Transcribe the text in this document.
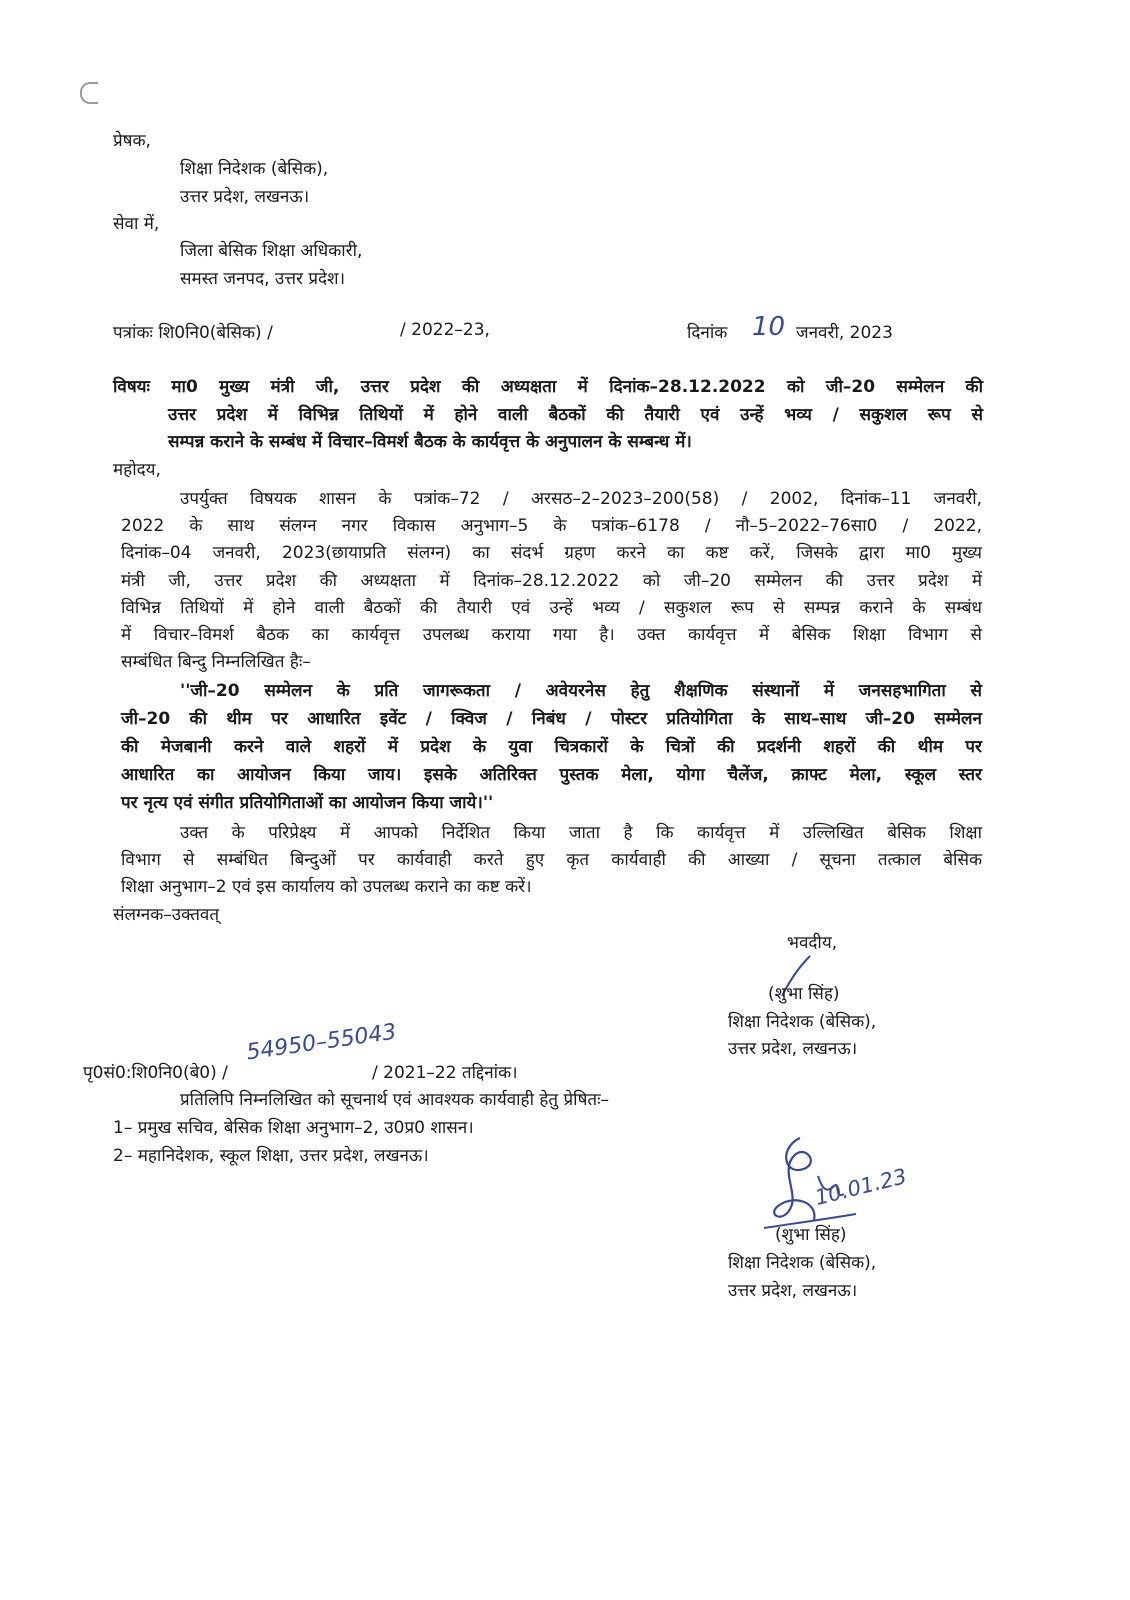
प्रेषक,
शिक्षा निदेशक (बेसिक),
उत्तर प्रदेश, लखनऊ।
सेवा में,
जिला बेसिक शिक्षा अधिकारी,
समस्त जनपद, उत्तर प्रदेश।
पत्रांकः शि0नि0(बेसिक) /	/ 2022–23,	दिनांक 10 जनवरी, 2023
विषयः मा0 मुख्य मंत्री जी, उत्तर प्रदेश की अध्यक्षता में दिनांक–28.12.2022 को जी–20 सम्मेलन की
उत्तर प्रदेश में विभिन्न तिथियों में होने वाली बैठकों की तैयारी एवं उन्हें भव्य / सकुशल रूप से
सम्पन्न कराने के सम्बंध में विचार–विमर्श बैठक के कार्यवृत्त के अनुपालन के सम्बन्ध में।
महोदय,
उपर्युक्त विषयक शासन के पत्रांक–72 / अरसठ–2–2023–200(58) / 2002, दिनांक–11 जनवरी,
2022 के साथ संलग्न नगर विकास अनुभाग–5 के पत्रांक–6178 / नौ–5–2022–76सा0 / 2022,
दिनांक–04 जनवरी, 2023(छायाप्रति संलग्न) का संदर्भ ग्रहण करने का कष्ट करें, जिसके द्वारा मा0 मुख्य
मंत्री जी, उत्तर प्रदेश की अध्यक्षता में दिनांक–28.12.2022 को जी–20 सम्मेलन की उत्तर प्रदेश में
विभिन्न तिथियों में होने वाली बैठकों की तैयारी एवं उन्हें भव्य / सकुशल रूप से सम्पन्न कराने के सम्बंध
में विचार–विमर्श बैठक का कार्यवृत्त उपलब्ध कराया गया है। उक्त कार्यवृत्त में बेसिक शिक्षा विभाग से
सम्बंधित बिन्दु निम्नलिखित हैः–
''जी–20 सम्मेलन के प्रति जागरूकता / अवेयरनेस हेतु शैक्षणिक संस्थानों में जनसहभागिता से
जी–20 की थीम पर आधारित इवेंट / क्विज / निबंध / पोस्टर प्रतियोगिता के साथ–साथ जी–20 सम्मेलन
की मेजबानी करने वाले शहरों में प्रदेश के युवा चित्रकारों के चित्रों की प्रदर्शनी शहरों की थीम पर
आधारित का आयोजन किया जाय। इसके अतिरिक्त पुस्तक मेला, योगा चैलेंज, क्राफ्ट मेला, स्कूल स्तर
पर नृत्य एवं संगीत प्रतियोगिताओं का आयोजन किया जाये।''
उक्त के परिप्रेक्ष्य में आपको निर्देशित किया जाता है कि कार्यवृत्त में उल्लिखित बेसिक शिक्षा
विभाग से सम्बंधित बिन्दुओं पर कार्यवाही करते हुए कृत कार्यवाही की आख्या / सूचना तत्काल बेसिक
शिक्षा अनुभाग–2 एवं इस कार्यालय को उपलब्ध कराने का कष्ट करें।
संलग्नक–उक्तवत्
भवदीय,
(शुभा सिंह)
शिक्षा निदेशक (बेसिक),
उत्तर प्रदेश, लखनऊ।
पृ0सं0:शि0नि0(बे0) /
54950–55043
/ 2021–22 तद्दिनांक।
प्रतिलिपि निम्नलिखित को सूचनार्थ एवं आवश्यक कार्यवाही हेतु प्रेषितः–
1– प्रमुख सचिव, बेसिक शिक्षा अनुभाग–2, उ0प्र0 शासन।
2– महानिदेशक, स्कूल शिक्षा, उत्तर प्रदेश, लखनऊ।
10.01.23
(शुभा सिंह)
शिक्षा निदेशक (बेसिक),
उत्तर प्रदेश, लखनऊ।
